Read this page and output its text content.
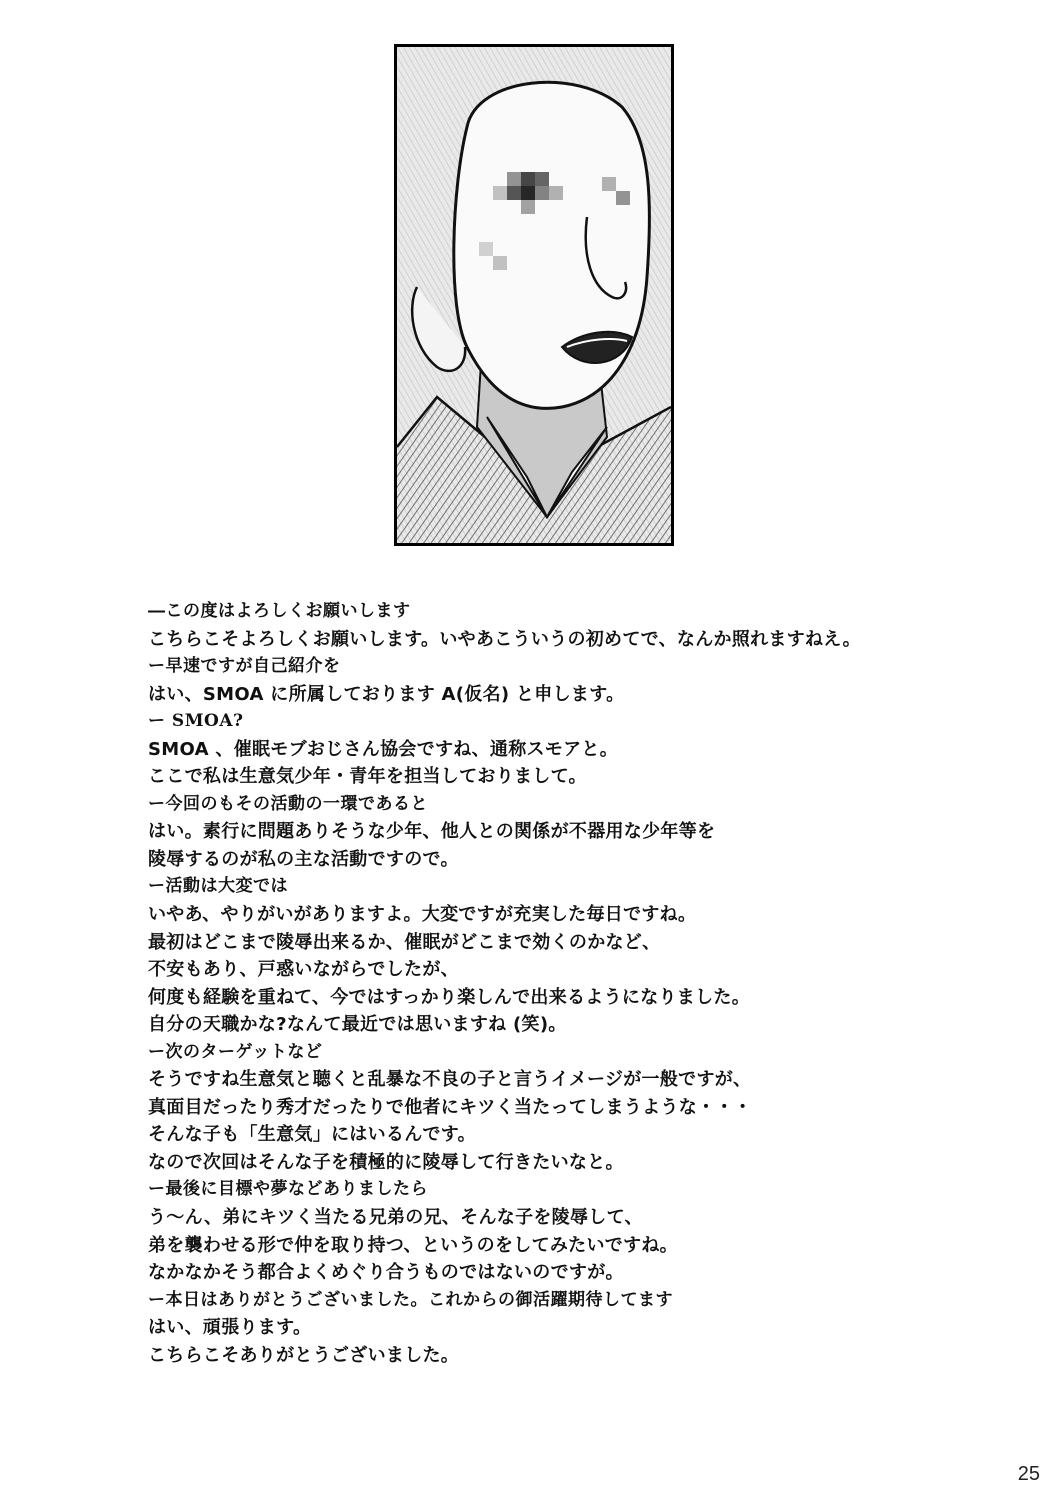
―この度はよろしくお願いします
こちらこそよろしくお願いします。いやあこういうの初めてで、なんか照れますねえ。
ー早速ですが自己紹介を
はい、SMOA に所属しております A(仮名) と申します。
ー SMOA?
SMOA 、催眠モブおじさん協会ですね、通称スモアと。
ここで私は生意気少年・青年を担当しておりまして。
ー今回のもその活動の一環であると
はい。素行に問題ありそうな少年、他人との関係が不器用な少年等を
陵辱するのが私の主な活動ですので。
ー活動は大変では
いやあ、やりがいがありますよ。大変ですが充実した毎日ですね。
最初はどこまで陵辱出来るか、催眠がどこまで効くのかなど、
不安もあり、戸惑いながらでしたが、
何度も経験を重ねて、今ではすっかり楽しんで出来るようになりました。
自分の天職かな?なんて最近では思いますね (笑)。
ー次のターゲットなど
そうですね生意気と聴くと乱暴な不良の子と言うイメージが一般ですが、
真面目だったり秀才だったりで他者にキツく当たってしまうような・・・
そんな子も「生意気」にはいるんです。
なので次回はそんな子を積極的に陵辱して行きたいなと。
ー最後に目標や夢などありましたら
う～ん、弟にキツく当たる兄弟の兄、そんな子を陵辱して、
弟を襲わせる形で仲を取り持つ、というのをしてみたいですね。
なかなかそう都合よくめぐり合うものではないのですが。
ー本日はありがとうございました。これからの御活躍期待してます
はい、頑張ります。
こちらこそありがとうございました。
25
